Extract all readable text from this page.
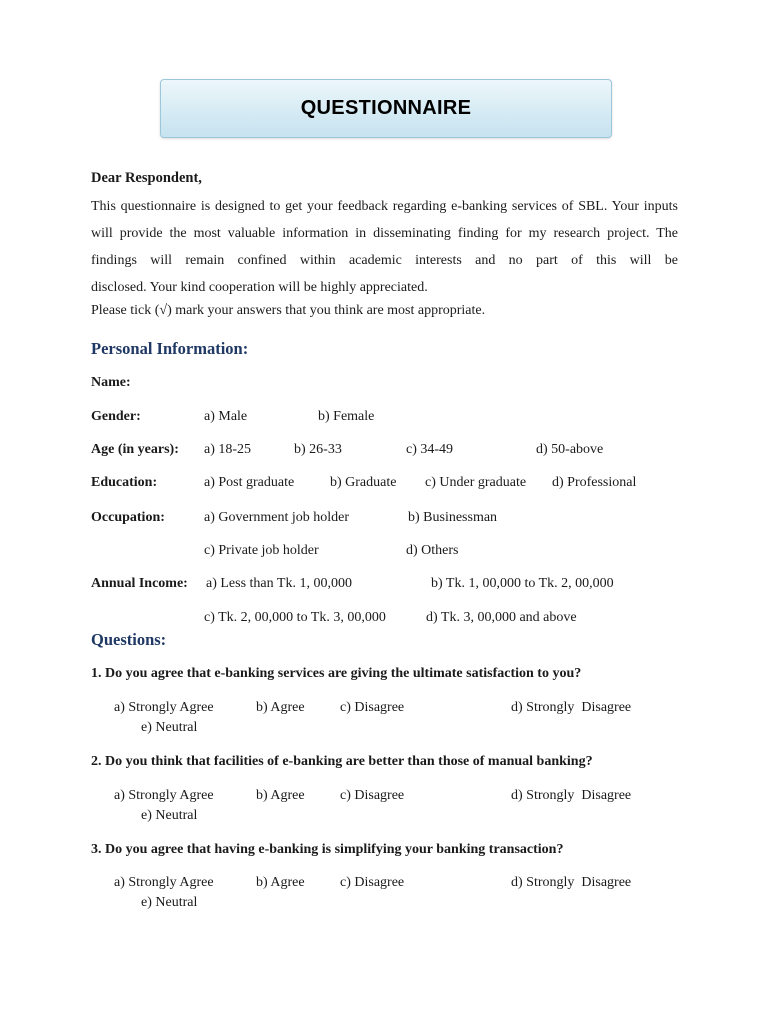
QUESTIONNAIRE
Dear Respondent,
This questionnaire is designed to get your feedback regarding e-banking services of SBL. Your inputs will provide the most valuable information in disseminating finding for my research project. The findings will remain confined within academic interests and no part of this will be
disclosed. Your kind cooperation will be highly appreciated.
Please tick (√) mark your answers that you think are most appropriate.
Personal Information:
Name:
Gender:	a) Male	b) Female
Age (in years): a) 18-25	b) 26-33	c) 34-49	d) 50-above
Education:	a) Post graduate	b) Graduate c) Under graduate d) Professional
Occupation:	a) Government job holder	b) Businessman
c) Private job holder	d) Others
Annual Income: a) Less than Tk. 1, 00,000	b) Tk. 1, 00,000 to Tk. 2, 00,000
c) Tk. 2, 00,000 to Tk. 3, 00,000	d) Tk. 3, 00,000 and above
Questions:
1. Do you agree that e-banking services are giving the ultimate satisfaction to you?
a) Strongly Agree	b) Agree	c) Disagree	d) Strongly  Disagree
e) Neutral
2. Do you think that facilities of e-banking are better than those of manual banking?
a) Strongly Agree	b) Agree	c) Disagree	d) Strongly  Disagree
e) Neutral
3. Do you agree that having e-banking is simplifying your banking transaction?
a) Strongly Agree	b) Agree	c) Disagree	d) Strongly  Disagree
e) Neutral
